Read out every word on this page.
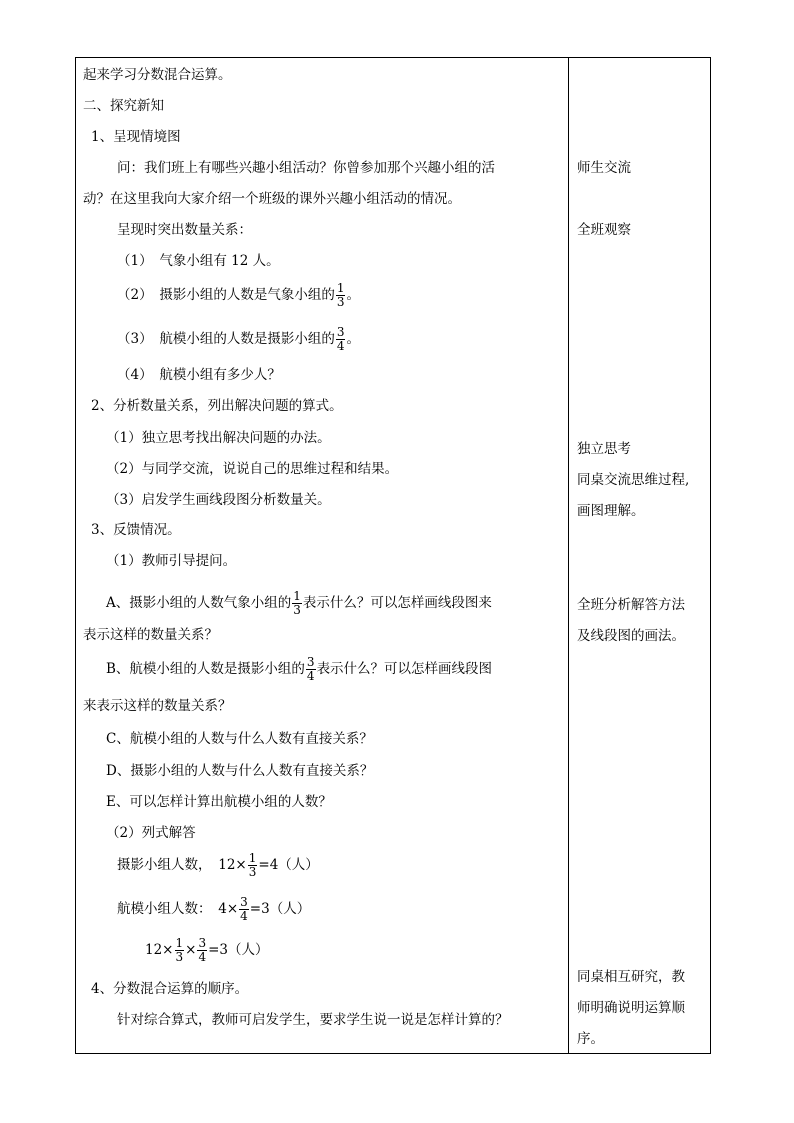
起来学习分数混合运算。
二、探究新知
1、呈现情境图
问：我们班上有哪些兴趣小组活动？你曾参加那个兴趣小组的活
动？在这里我向大家介绍一个班级的课外兴趣小组活动的情况。
呈现时突出数量关系：
（1）　气象小组有 12 人。
（2）　摄影小组的人数是气象小组的 $\frac{1}{3}$ 。
（3）　航模小组的人数是摄影小组的 $\frac{3}{4}$ 。
（4）　航模小组有多少人？
2、分析数量关系，列出解决问题的算式。
（1）独立思考找出解决问题的办法。
（2）与同学交流，说说自己的思维过程和结果。
（3）启发学生画线段图分析数量关。
3、反馈情况。
（1）教师引导提问。
A、摄影小组的人数气象小组的 $\frac{1}{3}$ 表示什么？可以怎样画线段图来
表示这样的数量关系？
B、航模小组的人数是摄影小组的 $\frac{3}{4}$ 表示什么？可以怎样画线段图
来表示这样的数量关系？
C、航模小组的人数与什么人数有直接关系？
D、摄影小组的人数与什么人数有直接关系？
E、可以怎样计算出航模小组的人数？
（2）列式解答
摄影小组人数，　$12\times \frac{1}{3} =4$（人）
航模小组人数：　$4\times \frac{3}{4} =3$（人）
$12\times \frac{1}{3} \times \frac{3}{4} =3$（人）
4、分数混合运算的顺序。
针对综合算式，教师可启发学生，要求学生说一说是怎样计算的？
师生交流
全班观察
独立思考
同桌交流思维过程,
画图理解。
全班分析解答方法
及线段图的画法。
同桌相互研究，教
师明确说明运算顺
序。
